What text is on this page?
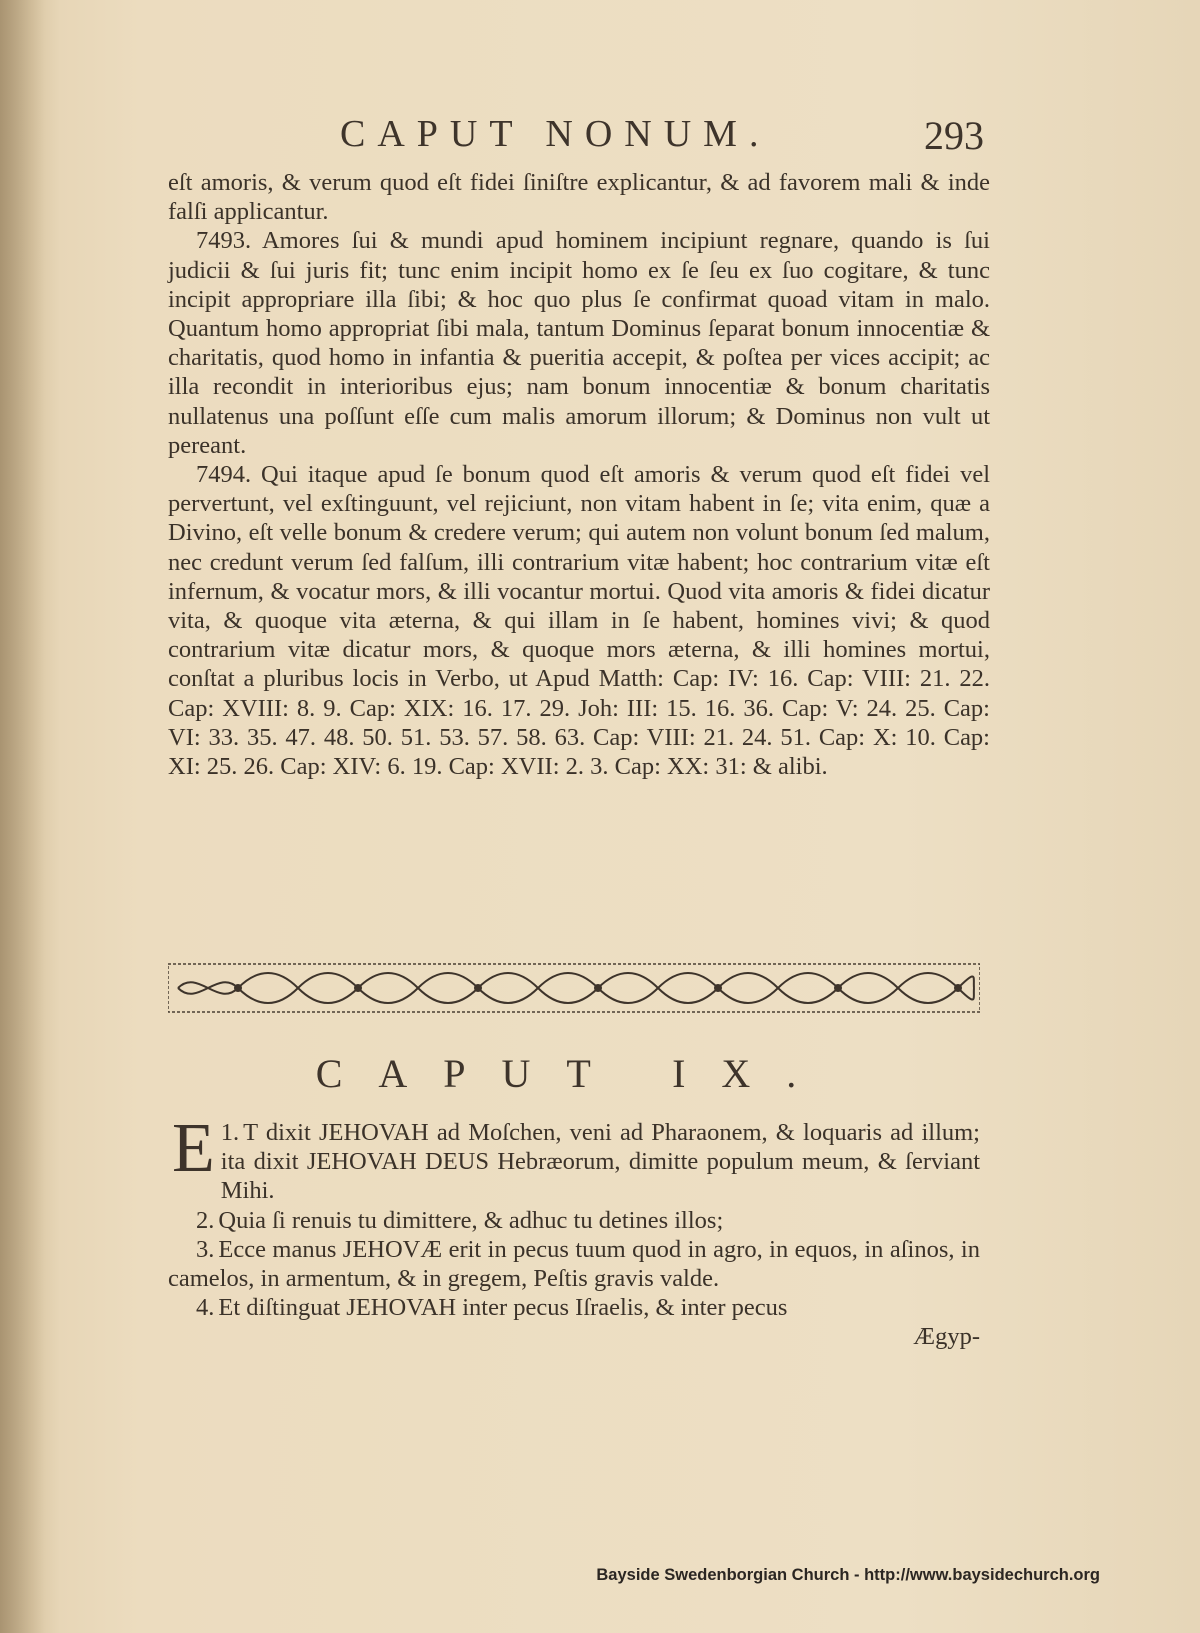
CAPUT NONUM.	293

eſt amoris, & verum quod eſt fidei ſiniſtre explicantur, & ad favorem mali & inde falſi applicantur.

7493. Amores ſui & mundi apud hominem incipiunt regnare, quando is ſui judicii & ſui juris fit; tunc enim incipit homo ex ſe ſeu ex ſuo cogitare, & tunc incipit appropriare illa ſibi; & hoc quo plus ſe confirmat quoad vitam in malo. Quantum homo appropriat ſibi mala, tantum Dominus ſeparat bonum innocentiæ & charitatis, quod homo in infantia & pueritia accepit, & poſtea per vices accipit; ac illa recondit in interioribus ejus; nam bonum innocentiæ & bonum charitatis nullatenus una poſſunt eſſe cum malis amorum illorum; & Dominus non vult ut pereant.

7494. Qui itaque apud ſe bonum quod eſt amoris & verum quod eſt fidei vel pervertunt, vel exſtinguunt, vel rejiciunt, non vitam habent in ſe; vita enim, quæ a Divino, eſt velle bonum & credere verum; qui autem non volunt bonum ſed malum, nec credunt verum ſed falſum, illi contrarium vitæ habent; hoc contrarium vitæ eſt infernum, & vocatur mors, & illi vocantur mortui. Quod vita amoris & fidei dicatur vita, & quoque vita æterna, & qui illam in ſe habent, homines vivi; & quod contrarium vitæ dicatur mors, & quoque mors æterna, & illi homines mortui, conſtat a pluribus locis in Verbo, ut Apud Matth: Cap: IV: 16. Cap: VIII: 21. 22. Cap: XVIII: 8. 9. Cap: XIX: 16. 17. 29. Joh: III: 15. 16. 36. Cap: V: 24. 25. Cap: VI: 33. 35. 47. 48. 50. 51. 53. 57. 58. 63. Cap: VIII: 21. 24. 51. Cap: X: 10. Cap: XI: 25. 26. Cap: XIV: 6. 19. Cap: XVII: 2. 3. Cap: XX: 31: & alibi.

CAPUT IX.

1.
E T dixit JEHOVAH ad Moſchen, veni ad Pharaonem, & loquaris ad illum; ita dixit JEHOVAH DEUS Hebræorum, dimitte populum meum, & ſerviant Mihi.

2. Quia ſi renuis tu dimittere, & adhuc tu detines illos;

3. Ecce manus JEHOVÆ erit in pecus tuum quod in agro, in equos, in aſinos, in camelos, in armentum, & in gregem, Peſtis gravis valde.

4. Et diſtinguat JEHOVAH inter pecus Iſraelis, & inter pecus

Ægyp-

Bayside Swedenborgian Church - http://www.baysidechurch.org
